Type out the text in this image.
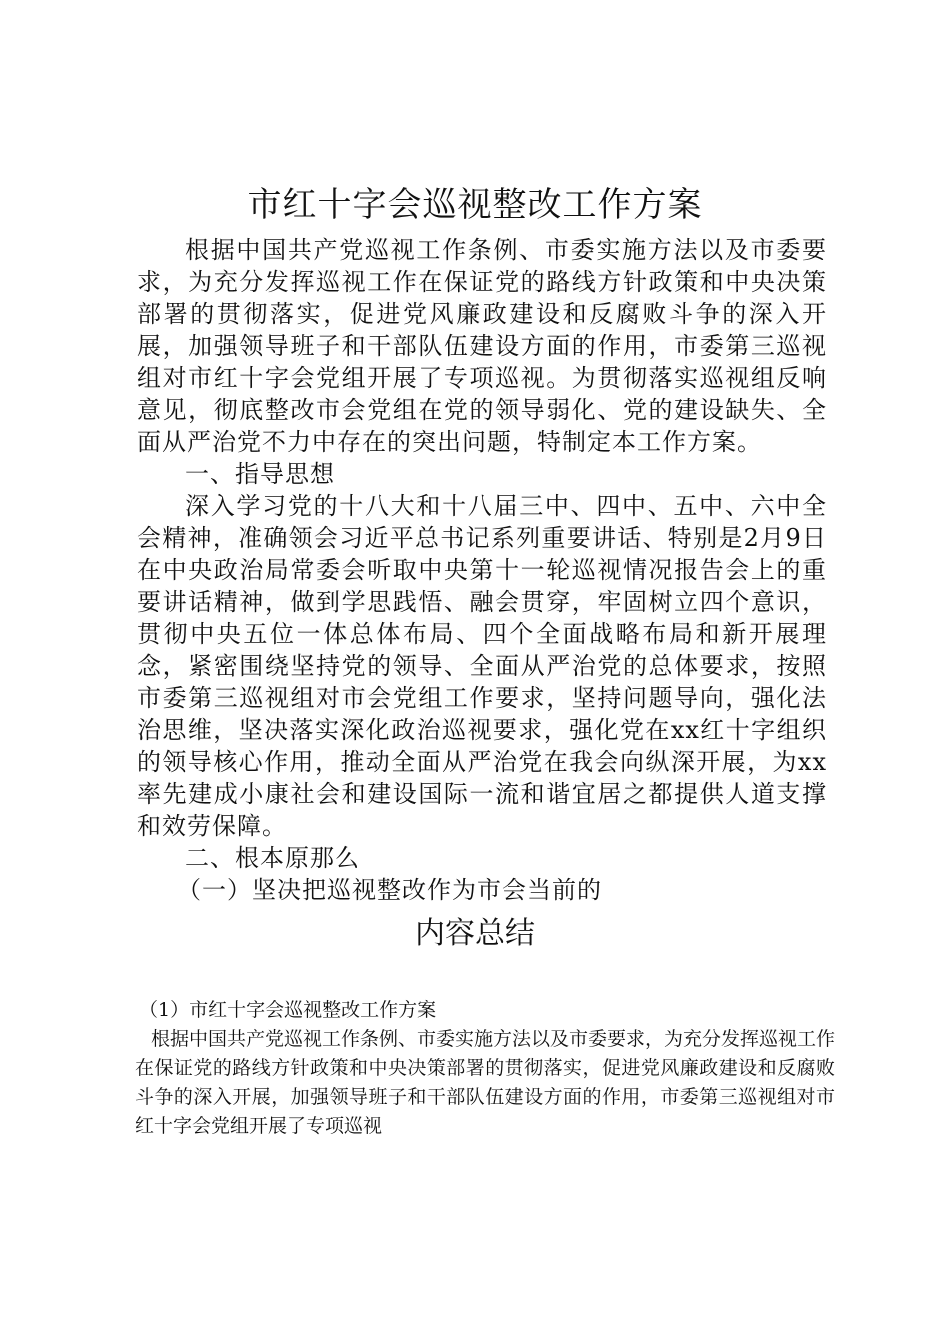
市红十字会巡视整改工作方案

根据中国共产党巡视工作条例、市委实施方法以及市委要求，为充分发挥巡视工作在保证党的路线方针政策和中央决策部署的贯彻落实，促进党风廉政建设和反腐败斗争的深入开展，加强领导班子和干部队伍建设方面的作用，市委第三巡视组对市红十字会党组开展了专项巡视。为贯彻落实巡视组反响意见，彻底整改市会党组在党的领导弱化、党的建设缺失、全面从严治党不力中存在的突出问题，特制定本工作方案。

一、指导思想

深入学习党的十八大和十八届三中、四中、五中、六中全会精神，准确领会习近平总书记系列重要讲话、特别是2月9日在中央政治局常委会听取中央第十一轮巡视情况报告会上的重要讲话精神，做到学思践悟、融会贯穿，牢固树立四个意识，贯彻中央五位一体总体布局、四个全面战略布局和新开展理念，紧密围绕坚持党的领导、全面从严治党的总体要求，按照市委第三巡视组对市会党组工作要求，坚持问题导向，强化法治思维，坚决落实深化政治巡视要求，强化党在xx红十字组织的领导核心作用，推动全面从严治党在我会向纵深开展，为xx率先建成小康社会和建设国际一流和谐宜居之都提供人道支撑和效劳保障。

二、根本原那么

（一）坚决把巡视整改作为市会当前的

内容总结

（1）市红十字会巡视整改工作方案

根据中国共产党巡视工作条例、市委实施方法以及市委要求，为充分发挥巡视工作在保证党的路线方针政策和中央决策部署的贯彻落实，促进党风廉政建设和反腐败斗争的深入开展，加强领导班子和干部队伍建设方面的作用，市委第三巡视组对市红十字会党组开展了专项巡视
